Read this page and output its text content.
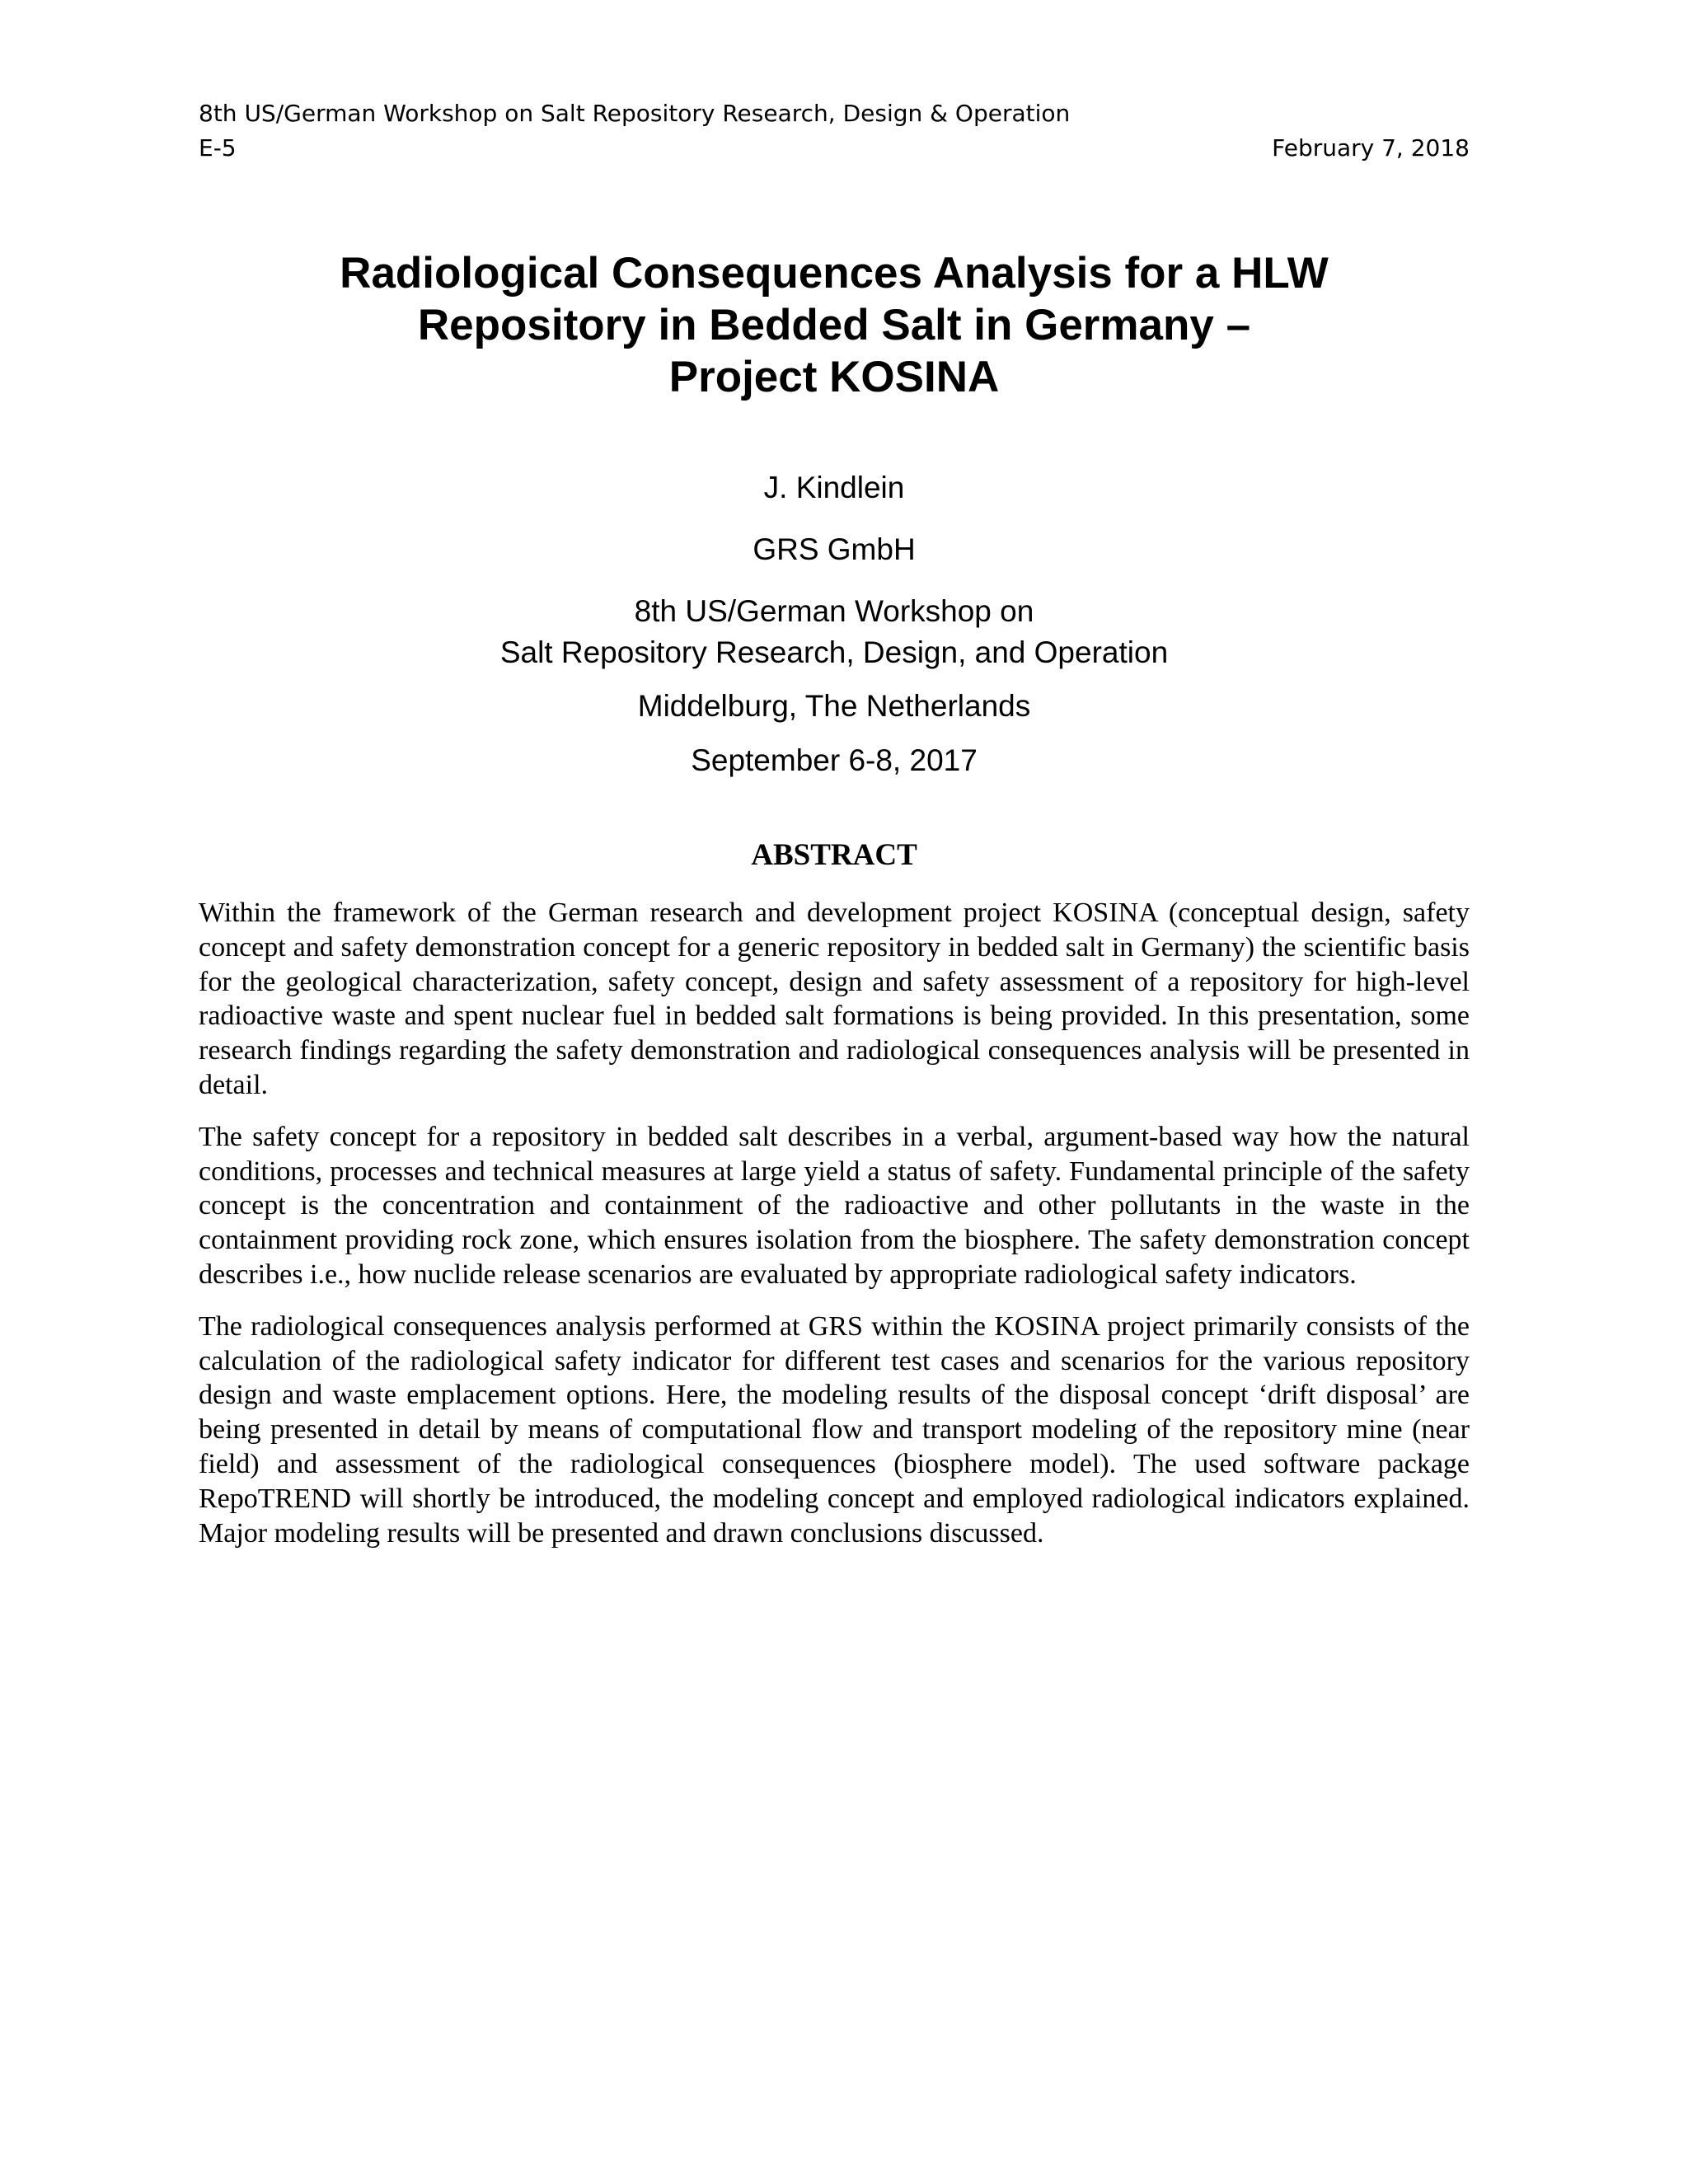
8th US/German Workshop on Salt Repository Research, Design & Operation
E-5	February 7, 2018
Radiological Consequences Analysis for a HLW
Repository in Bedded Salt in Germany –
Project KOSINA
J. Kindlein
GRS GmbH
8th US/German Workshop on
Salt Repository Research, Design, and Operation
Middelburg, The Netherlands
September 6-8, 2017
ABSTRACT

Within the framework of the German research and development project KOSINA (conceptual design, safety concept and safety demonstration concept for a generic repository in bedded salt in Germany) the scientific basis for the geological characterization, safety concept, design and safety assessment of a repository for high-level radioactive waste and spent nuclear fuel in bedded salt formations is being provided. In this presentation, some research findings regarding the safety demonstration and radiological consequences analysis will be presented in detail.

The safety concept for a repository in bedded salt describes in a verbal, argument-based way how the natural conditions, processes and technical measures at large yield a status of safety. Fundamental principle of the safety concept is the concentration and containment of the radioactive and other pollutants in the waste in the containment providing rock zone, which ensures isolation from the biosphere. The safety demonstration concept describes i.e., how nuclide release scenarios are evaluated by appropriate radiological safety indicators.

The radiological consequences analysis performed at GRS within the KOSINA project primarily consists of the calculation of the radiological safety indicator for different test cases and scenarios for the various repository design and waste emplacement options. Here, the modeling results of the disposal concept ‘drift disposal’ are being presented in detail by means of computational flow and transport modeling of the repository mine (near field) and assessment of the radiological consequences (biosphere model). The used software package RepoTREND will shortly be introduced, the modeling concept and employed radiological indicators explained. Major modeling results will be presented and drawn conclusions discussed.
